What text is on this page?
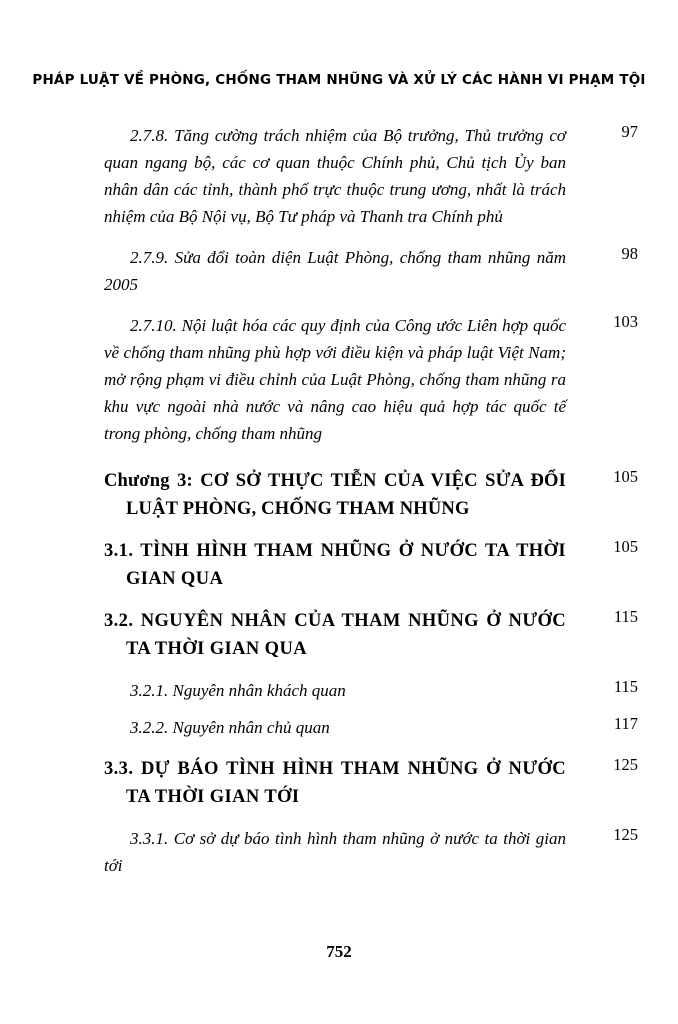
PHÁP LUẬT VỀ PHÒNG, CHỐNG THAM NHŨNG VÀ XỬ LÝ CÁC HÀNH VI PHẠM TỘI
2.7.8. Tăng cường trách nhiệm của Bộ trưởng, Thủ trưởng cơ quan ngang bộ, các cơ quan thuộc Chính phủ, Chủ tịch Ủy ban nhân dân các tỉnh, thành phố trực thuộc trung ương, nhất là trách nhiệm của Bộ Nội vụ, Bộ Tư pháp và Thanh tra Chính phủ
97
2.7.9. Sửa đổi toàn diện Luật Phòng, chống tham nhũng năm 2005
98
2.7.10. Nội luật hóa các quy định của Công ước Liên hợp quốc về chống tham nhũng phù hợp với điều kiện và pháp luật Việt Nam; mở rộng phạm vi điều chỉnh của Luật Phòng, chống tham nhũng ra khu vực ngoài nhà nước và nâng cao hiệu quả hợp tác quốc tế trong phòng, chống tham nhũng
103
Chương 3: CƠ SỞ THỰC TIỄN CỦA VIỆC SỬA ĐỔI LUẬT PHÒNG, CHỐNG THAM NHŨNG
105
3.1. TÌNH HÌNH THAM NHŨNG Ở NƯỚC TA THỜI GIAN QUA
105
3.2. NGUYÊN NHÂN CỦA THAM NHŨNG Ở NƯỚC TA THỜI GIAN QUA
115
3.2.1. Nguyên nhân khách quan	115
3.2.2. Nguyên nhân chủ quan	117
3.3. DỰ BÁO TÌNH HÌNH THAM NHŨNG Ở NƯỚC TA THỜI GIAN TỚI
125
3.3.1. Cơ sở dự báo tình hình tham nhũng ở nước ta thời gian tới
125
752
